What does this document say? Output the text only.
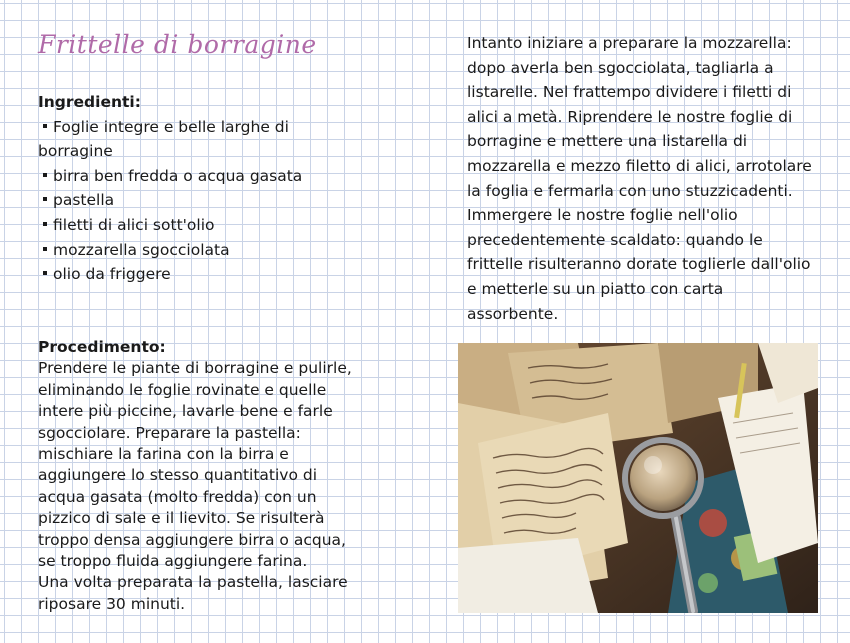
Frittelle di borragine
Ingredienti:
Foglie integre e belle larghe di borragine
birra ben fredda o acqua gasata
pastella
filetti di alici sott'olio
mozzarella sgocciolata
olio da friggere
Procedimento:
Prendere le piante di borragine e pulirle, eliminando le foglie rovinate e quelle intere più piccine, lavarle bene e farle sgocciolare. Preparare la pastella: mischiare la farina con la birra e aggiungere lo stesso quantitativo di acqua gasata (molto fredda) con un pizzico di sale e il lievito. Se risulterà troppo densa aggiungere birra o acqua, se troppo fluida aggiungere farina.
Una volta preparata la pastella, lasciare riposare 30 minuti.
Intanto iniziare a preparare la mozzarella: dopo averla ben sgocciolata, tagliarla a listarelle. Nel frattempo dividere i filetti di alici a metà. Riprendere le nostre foglie di borragine e mettere una listarella di mozzarella e mezzo filetto di alici, arrotolare la foglia e fermarla con uno stuzzicadenti. Immergere le nostre foglie nell'olio precedentemente scaldato: quando le frittelle risulteranno dorate toglierle dall'olio e metterle su un piatto con carta assorbente.
